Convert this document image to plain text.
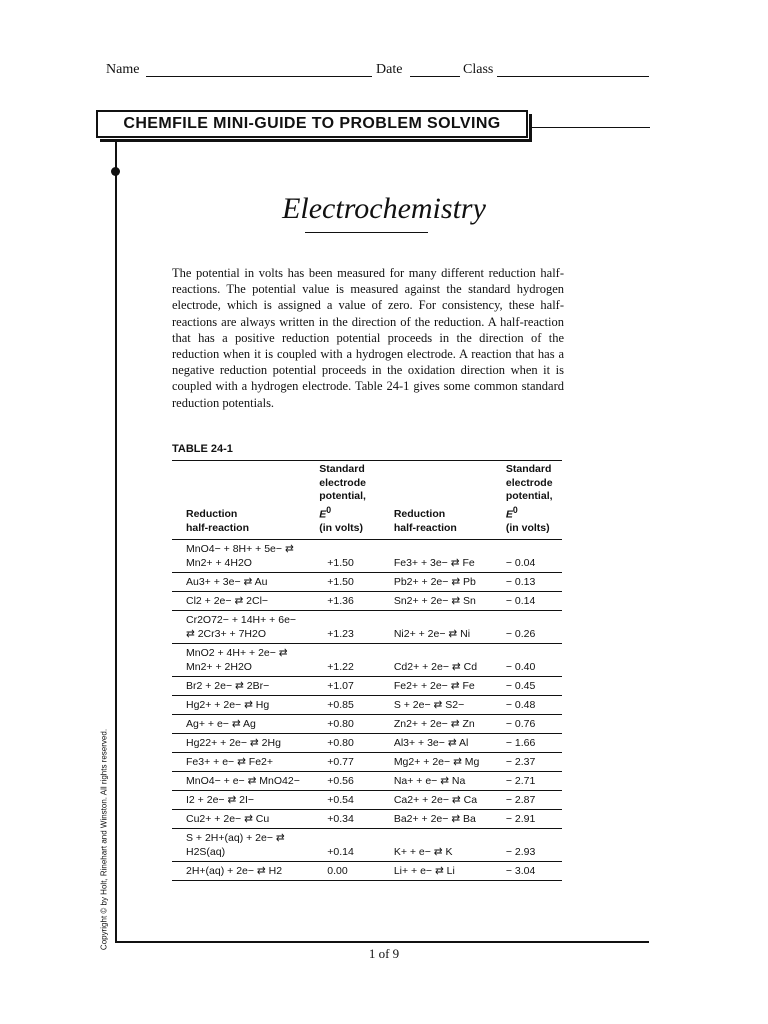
Name	Date	Class
CHEMFILE MINI-GUIDE TO PROBLEM SOLVING
Electrochemistry
The potential in volts has been measured for many different reduction half-reactions. The potential value is measured against the standard hydrogen electrode, which is assigned a value of zero. For consistency, these half-reactions are always written in the direction of the reduction. A half-reaction that has a positive reduction potential proceeds in the direction of the reduction when it is coupled with a hydrogen electrode. A reaction that has a negative reduction potential proceeds in the oxidation direction when it is coupled with a hydrogen electrode. Table 24-1 gives some common standard reduction potentials.
TABLE 24-1
Reduction
half-reaction	Standard
electrode
potential,
$E^0$
(in volts)	Reduction
half-reaction	Standard
electrode
potential,
$E^0$
(in volts)
MnO4− + 8H+ + 5e− ⇄ Mn2+ + 4H2O	+1.50	Fe3+ + 3e− ⇄ Fe	− 0.04
Au3+ + 3e− ⇄ Au	+1.50	Pb2+ + 2e− ⇄ Pb	− 0.13
Cl2 + 2e− ⇄ 2Cl−	+1.36	Sn2+ + 2e− ⇄ Sn	− 0.14
Cr2O72− + 14H+ + 6e− ⇄ 2Cr3+ + 7H2O	+1.23	Ni2+ + 2e− ⇄ Ni	− 0.26
MnO2 + 4H+ + 2e− ⇄ Mn2+ + 2H2O	+1.22	Cd2+ + 2e− ⇄ Cd	− 0.40
Br2 + 2e− ⇄ 2Br−	+1.07	Fe2+ + 2e− ⇄ Fe	− 0.45
Hg2+ + 2e− ⇄ Hg	+0.85	S + 2e− ⇄ S2−	− 0.48
Ag+ + e− ⇄ Ag	+0.80	Zn2+ + 2e− ⇄ Zn	− 0.76
Hg22+ + 2e− ⇄ 2Hg	+0.80	Al3+ + 3e− ⇄ Al	− 1.66
Fe3+ + e− ⇄ Fe2+	+0.77	Mg2+ + 2e− ⇄ Mg	− 2.37
MnO4− + e− ⇄ MnO42−	+0.56	Na+ + e− ⇄ Na	− 2.71
I2 + 2e− ⇄ 2I−	+0.54	Ca2+ + 2e− ⇄ Ca	− 2.87
Cu2+ + 2e− ⇄ Cu	+0.34	Ba2+ + 2e− ⇄ Ba	− 2.91
S + 2H+(aq) + 2e− ⇄ H2S(aq)	+0.14	K+ + e− ⇄ K	− 2.93
2H+(aq) + 2e− ⇄ H2	0.00	Li+ + e− ⇄ Li	− 3.04
Copyright © by Holt, Rinehart and Winston. All rights reserved.
1 of 9
